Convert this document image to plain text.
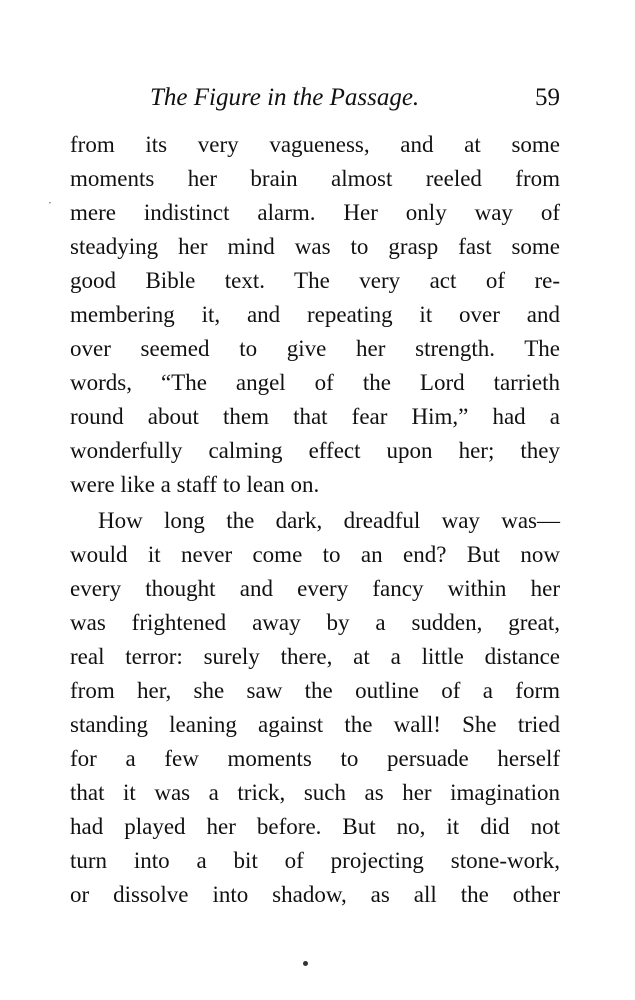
The Figure in the Passage.	59
·
from its very vagueness, and at some
moments her brain almost reeled from
mere indistinct alarm. Her only way of
steadying her mind was to grasp fast some
good Bible text. The very act of re-
membering it, and repeating it over and
over seemed to give her strength. The
words, “The angel of the Lord tarrieth
round about them that fear Him,” had a
wonderfully calming effect upon her; they
were like a staff to lean on.
How long the dark, dreadful way was—
would it never come to an end? But now
every thought and every fancy within her
was frightened away by a sudden, great,
real terror: surely there, at a little distance
from her, she saw the outline of a form
standing leaning against the wall! She tried
for a few moments to persuade herself
that it was a trick, such as her imagination
had played her before. But no, it did not
turn into a bit of projecting stone-work,
or dissolve into shadow, as all the other
